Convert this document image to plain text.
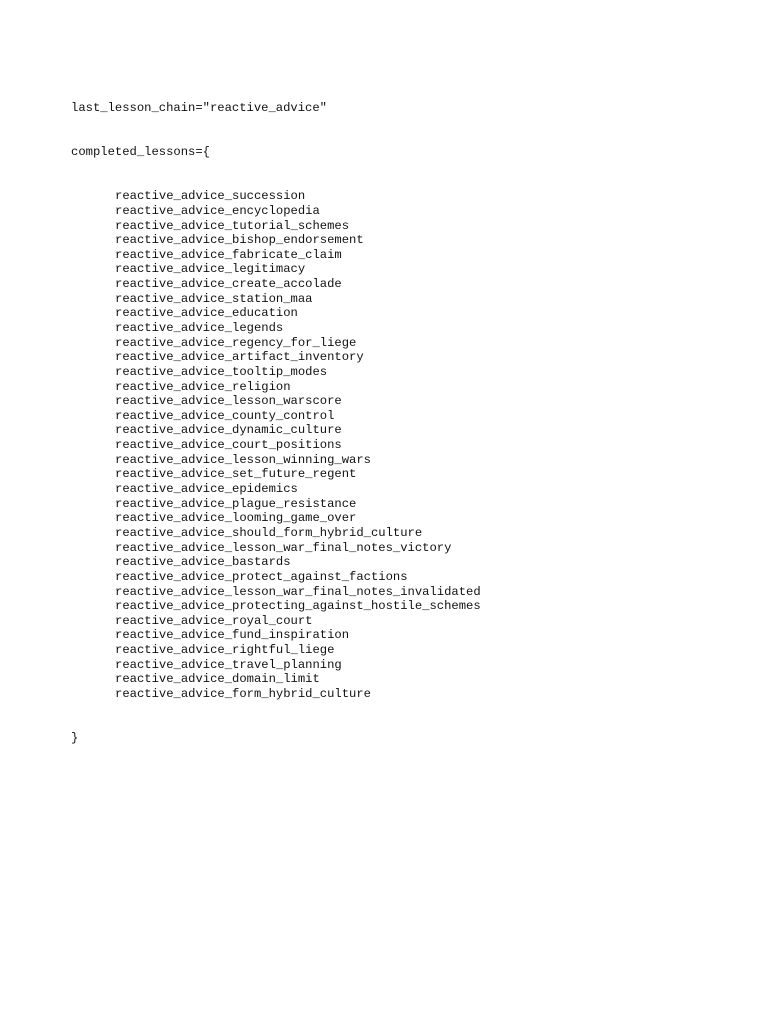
last_lesson_chain="reactive_advice"

completed_lessons={

reactive_advice_succession
reactive_advice_encyclopedia
reactive_advice_tutorial_schemes
reactive_advice_bishop_endorsement
reactive_advice_fabricate_claim
reactive_advice_legitimacy
reactive_advice_create_accolade
reactive_advice_station_maa
reactive_advice_education
reactive_advice_legends
reactive_advice_regency_for_liege
reactive_advice_artifact_inventory
reactive_advice_tooltip_modes
reactive_advice_religion
reactive_advice_lesson_warscore
reactive_advice_county_control
reactive_advice_dynamic_culture
reactive_advice_court_positions
reactive_advice_lesson_winning_wars
reactive_advice_set_future_regent
reactive_advice_epidemics
reactive_advice_plague_resistance
reactive_advice_looming_game_over
reactive_advice_should_form_hybrid_culture
reactive_advice_lesson_war_final_notes_victory
reactive_advice_bastards
reactive_advice_protect_against_factions
reactive_advice_lesson_war_final_notes_invalidated
reactive_advice_protecting_against_hostile_schemes
reactive_advice_royal_court
reactive_advice_fund_inspiration
reactive_advice_rightful_liege
reactive_advice_travel_planning
reactive_advice_domain_limit
reactive_advice_form_hybrid_culture

}
